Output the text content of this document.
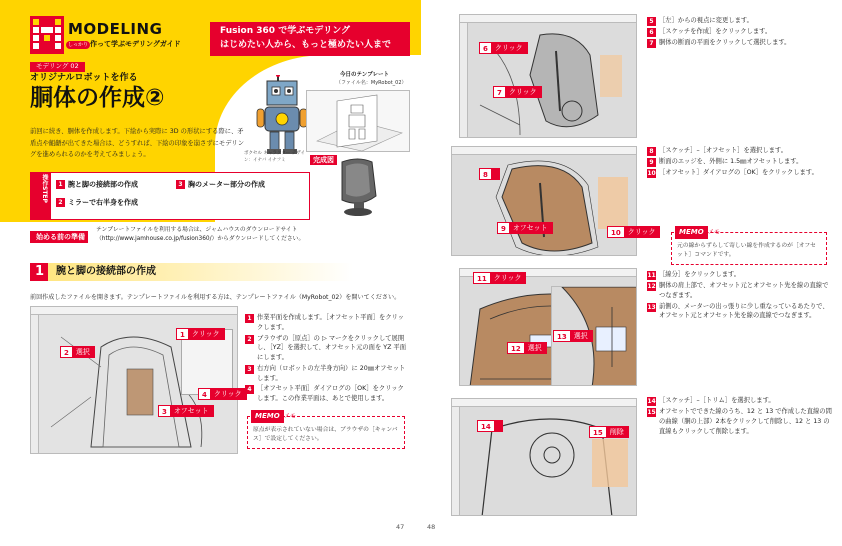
MODELING
しっかり 作って学ぶモデリングガイド
Fusion 360 で学ぶモデリング
はじめたい人から、もっと極めたい人まで
モデリング 02
オリジナルロボットを作る
胴体の作成②
前回に続き、胴体を作成します。下絵から実際に 3D の形状にする際に、矛盾点や齟齬が出てきた場合は、どうすれば、下絵の印象を崩さずにモデリングを進められるのかを考えてみましょう。	ボクセル キャラクター デザイン：イナバ イナフミ
今日のテンプレート
（ファイル名：MyRobot_02）
完成図
操作STEP	1 腕と脚の接続部の作成
2 ミラーで右半身を作成
3 胸のメーター部分の作成
始める前の準備
テンプレートファイルを利用する場合は、ジャムハウスのダウンロードサイト（http://www.jamhouse.co.jp/fusion360/）からダウンロードしてください。
1 腕と脚の接続部の作成
前回作成したファイルを開きます。テンプレートファイルを利用する方は、テンプレートファイル（MyRobot_02）を開いてください。
1	クリック
2	選択
4	クリック
3	オフセット
1 作業平面を作成します。［オフセット平面］をクリックします。
2 ブラウザの［原点］の ▷ マークをクリックして展開し、［YZ］を選択して、オフセット元の面を YZ 平面にします。
3 右方向（ロボットの左半身方向）に 20㎜オフセットします。
4 ［オフセット平面］ダイアログの［OK］をクリックします。この作業平面は、あとで使用します。
MEMO メモ
原点が表示されていない場合は、ブラウザの［キャンバス］で設定してください。
47
6	クリック
7	クリック
5 ［左］からの視点に変更します。
6 ［スケッチを作成］をクリックします。
7 胴体の断面の平面をクリックして選択します。
8
9	オフセット
10	クリック
8 ［スケッチ］–［オフセット］を選択します。
9 断面のエッジを、外側に 1.5㎜オフセットします。
10 ［オフセット］ダイアログの［OK］をクリックします。
MEMO メモ
元の線からずらして寄しい線を作成するのが［オフセット］コマンドです。
11	クリック
12	選択
13	選択
11 ［線分］をクリックします。
12 胴体の肩上部で、オフセット元とオフセット先を線の直線でつなぎます。
13 前側の、メーターの出っ張りに少し重なっているあたりで、オフセット元とオフセット先を線の直線でつなぎます。
14
15	削除
14 ［スケッチ］–［トリム］を選択します。
15 オフセットでできた線のうち、12 と 13 で作成した直線の間の曲線（胴の上部）2本をクリックして削除し、12 と 13 の直線もクリックして削除します。
48
